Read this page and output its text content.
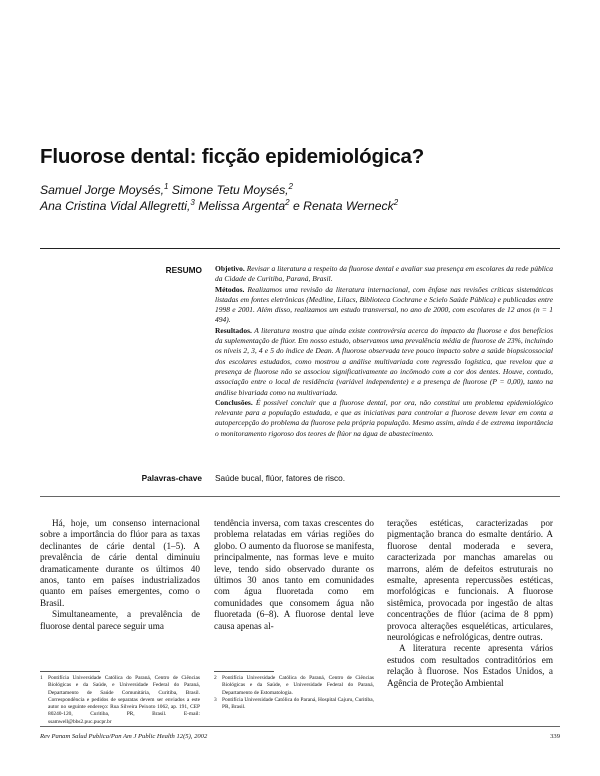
Fluorose dental: ficção epidemiológica?
Samuel Jorge Moysés,$^1$ Simone Tetu Moysés,$^2$
Ana Cristina Vidal Allegretti,$^3$ Melissa Argenta$^2$ e Renata Werneck$^2$
RESUMO Objetivo. Revisar a literatura a respeito da fluorose dental e avaliar sua presença em escolares da rede pública da Cidade de Curitiba, Paraná, Brasil.

Métodos. Realizamos uma revisão da literatura internacional, com ênfase nas revisões críticas sistemáticas listadas em fontes eletrônicas (Medline, Lilacs, Biblioteca Cochrane e Scielo Saúde Pública) e publicadas entre 1998 e 2001. Além disso, realizamos um estudo transversal, no ano de 2000, com escolares de 12 anos (n = 1 494).

Resultados. A literatura mostra que ainda existe controvérsia acerca do impacto da fluorose e dos benefícios da suplementação de flúor. Em nosso estudo, observamos uma prevalência média de fluorose de 23%, incluindo os níveis 2, 3, 4 e 5 do índice de Dean. A fluorose observada teve pouco impacto sobre a saúde biopsicossocial dos escolares estudados, como mostrou a análise multivariada com regressão logística, que revelou que a presença de fluorose não se associou significativamente ao incômodo com a cor dos dentes. Houve, contudo, associação entre o local de residência (variável independente) e a presença de fluorose (P = 0,00), tanto na análise bivariada como na multivariada.

Conclusões. É possível concluir que a fluorose dental, por ora, não constitui um problema epidemiológico relevante para a população estudada, e que as iniciativas para controlar a fluorose devem levar em conta a autopercepção do problema da fluorose pela própria população. Mesmo assim, ainda é de extrema importância o monitoramento rigoroso dos teores de flúor na água de abastecimento.

Palavras-chave Saúde bucal, flúor, fatores de risco.

Há, hoje, um consenso internacional sobre a importância do flúor para as taxas declinantes de cárie dental (1–5). A prevalência de cárie dental diminuiu dramaticamente durante os últimos 40 anos, tanto em países industrializados quanto em países emergentes, como o Brasil.

Simultaneamente, a prevalência de fluorose dental parece seguir uma

tendência inversa, com taxas crescentes do problema relatadas em várias regiões do globo. O aumento da fluorose se manifesta, principalmente, nas formas leve e muito leve, tendo sido observado durante os últimos 30 anos tanto em comunidades com água fluoretada como em comunidades que consomem água não fluoretada (6–8). A fluorose dental leve causa apenas al-

terações estéticas, caracterizadas por pigmentação branca do esmalte dentário. A fluorose dental moderada e severa, caracterizada por manchas amarelas ou marrons, além de defeitos estruturais no esmalte, apresenta repercussões estéticas, morfológicas e funcionais. A fluorose sistêmica, provocada por ingestão de altas concentrações de flúor (acima de 8 ppm) provoca alterações esqueléticas, articulares, neurológicas e nefrológicas, dentre outras.

A literatura recente apresenta vários estudos com resultados contraditórios em relação à fluorose. Nos Estados Unidos, a Agência de Proteção Ambiental

1 Pontifícia Universidade Católica do Paraná, Centro de Ciências Biológicas e da Saúde, e Universidade Federal do Paraná, Departamento de Saúde Comunitária, Curitiba, Brasil. Correspondência e pedidos de separatas devem ser enviados a este autor no seguinte endereço: Rua Silveira Peixoto 1062, ap. 191, CEP 80240-120, Curitiba, PR, Brasil. E-mail: ssamwell@bbs2.puc.pucpr.br
2 Pontifícia Universidade Católica do Paraná, Centro de Ciências Biológicas e da Saúde, e Universidade Federal do Paraná, Departamento de Estomatologia.
3 Pontifícia Universidade Católica do Paraná, Hospital Cajuru, Curitiba, PR, Brasil.
Rev Panam Salud Publica/Pan Am J Public Health 12(5), 2002	339
